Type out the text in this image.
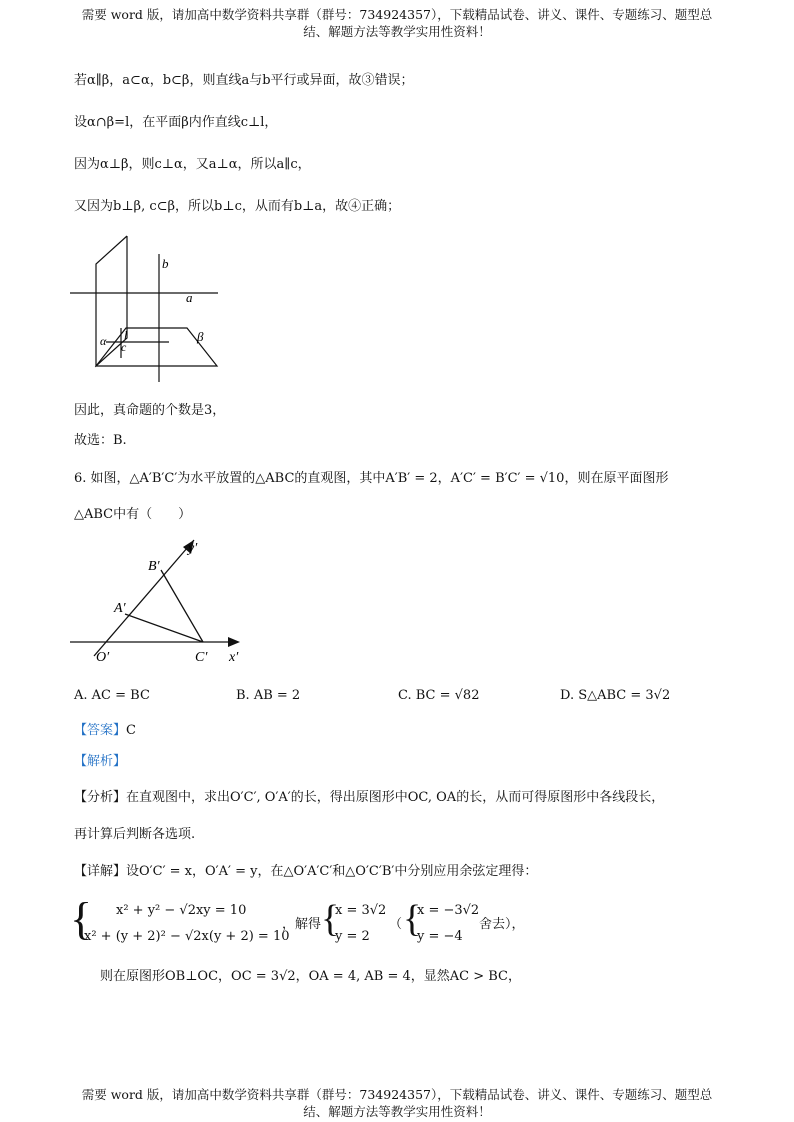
需要 word 版，请加高中数学资料共享群（群号：734924357），下载精品试卷、讲义、课件、专题练习、题型总
结、解题方法等教学实用性资料！
若α∥β，a⊂α，b⊂β，则直线a与b平行或异面，故③错误；
设α∩β=l，在平面β内作直线c⊥l，
因为α⊥β，则c⊥α，又a⊥α，所以a∥c，
又因为b⊥β, c⊂β，所以b⊥c，从而有b⊥a，故④正确；
b
a
β
l
α c
因此，真命题的个数是3，
故选：B.
6. 如图，△A′B′C′为水平放置的△ABC的直观图，其中A′B′ = 2，A′C′ = B′C′ = √10，则在原平面图形
△ABC中有（　　）
y′
B′
A′
O′	C′ x′
A. AC = BC	B. AB = 2	C. BC = √82	D. S△ABC = 3√2
【答案】C
【解析】
【分析】在直观图中，求出O′C′, O′A′的长，得出原图形中OC, OA的长，从而可得原图形中各线段长，
再计算后判断各选项.
【详解】设O′C′ = x，O′A′ = y，在△O′A′C′和△O′C′B′中分别应用余弦定理得：
{ x² + y² − √2xy = 10
x² + (y + 2)² − √2x(y + 2) = 10
，解得 {
x = 3√2
y = 2
（ {
x = −3√2
y = −4
舍去），
则在原图形OB⊥OC，OC = 3√2，OA = 4, AB = 4，显然AC > BC，
需要 word 版，请加高中数学资料共享群（群号：734924357），下载精品试卷、讲义、课件、专题练习、题型总
结、解题方法等教学实用性资料！
